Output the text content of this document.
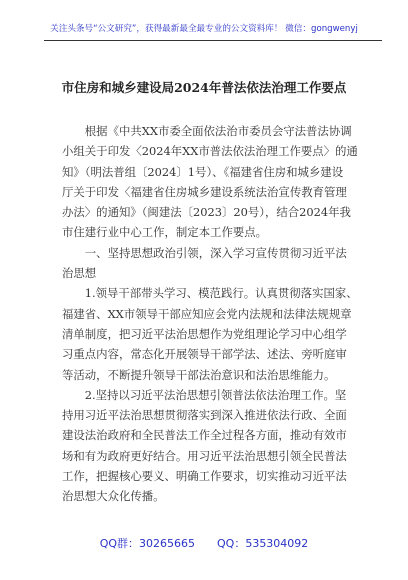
关注头条号“公文研究”，获得最新最全最专业的公文资料库！ 微信：gongwenyj
市住房和城乡建设局2024年普法依法治理工作要点
　　根据《中共XX市委全面依法治市委员会守法普法协调
小组关于印发〈2024年XX市普法依法治理工作要点〉的通
知》（明法普组〔2024〕1号）、《福建省住房和城乡建设
厅关于印发〈福建省住房城乡建设系统法治宣传教育管理
办法〉的通知》（闽建法〔2023〕20号），结合2024年我
市住建行业中心工作，制定本工作要点。
　　一、坚持思想政治引领，深入学习宣传贯彻习近平法
治思想
　　1.领导干部带头学习、模范践行。认真贯彻落实国家、
福建省、XX市领导干部应知应会党内法规和法律法规规章
清单制度，把习近平法治思想作为党组理论学习中心组学
习重点内容，常态化开展领导干部学法、述法、旁听庭审
等活动，不断提升领导干部法治意识和法治思维能力。
　　2.坚持以习近平法治思想引领普法依法治理工作。坚
持用习近平法治思想贯彻落实到深入推进依法行政、全面
建设法治政府和全民普法工作全过程各方面，推动有效市
场和有为政府更好结合。用习近平法治思想引领全民普法
工作，把握核心要义、明确工作要求，切实推动习近平法
治思想大众化传播。
QQ群：30265665 QQ：535304092
